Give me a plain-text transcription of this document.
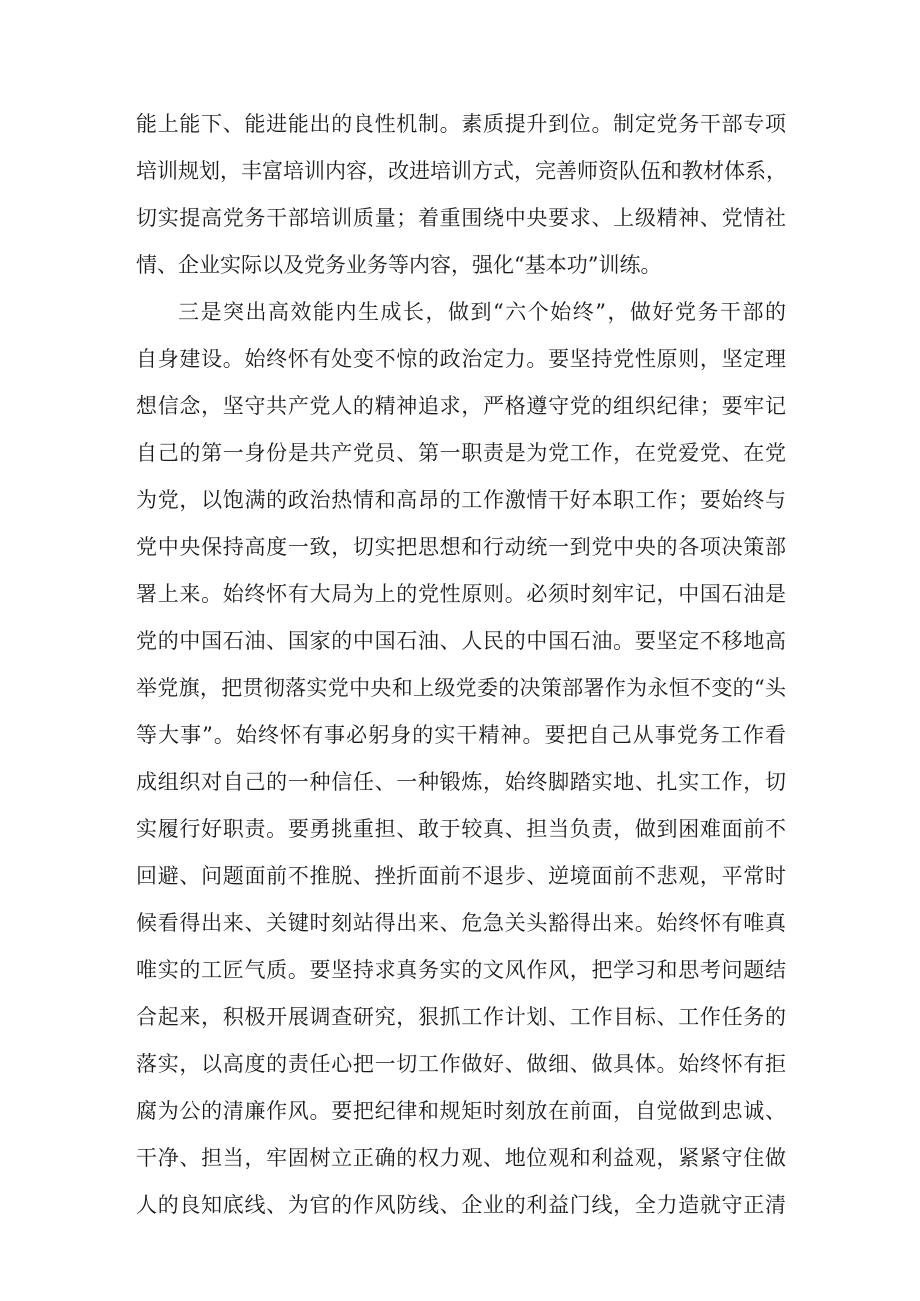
能上能下、能进能出的良性机制。素质提升到位。制定党务干部专项
培训规划，丰富培训内容，改进培训方式，完善师资队伍和教材体系，
切实提高党务干部培训质量；着重围绕中央要求、上级精神、党情社
情、企业实际以及党务业务等内容，强化“基本功”训练。
三是突出高效能内生成长，做到“六个始终”，做好党务干部的
自身建设。始终怀有处变不惊的政治定力。要坚持党性原则，坚定理
想信念，坚守共产党人的精神追求，严格遵守党的组织纪律；要牢记
自己的第一身份是共产党员、第一职责是为党工作，在党爱党、在党
为党，以饱满的政治热情和高昂的工作激情干好本职工作；要始终与
党中央保持高度一致，切实把思想和行动统一到党中央的各项决策部
署上来。始终怀有大局为上的党性原则。必须时刻牢记，中国石油是
党的中国石油、国家的中国石油、人民的中国石油。要坚定不移地高
举党旗，把贯彻落实党中央和上级党委的决策部署作为永恒不变的“头
等大事”。始终怀有事必躬身的实干精神。要把自己从事党务工作看
成组织对自己的一种信任、一种锻炼，始终脚踏实地、扎实工作，切
实履行好职责。要勇挑重担、敢于较真、担当负责，做到困难面前不
回避、问题面前不推脱、挫折面前不退步、逆境面前不悲观，平常时
候看得出来、关键时刻站得出来、危急关头豁得出来。始终怀有唯真
唯实的工匠气质。要坚持求真务实的文风作风，把学习和思考问题结
合起来，积极开展调查研究，狠抓工作计划、工作目标、工作任务的
落实，以高度的责任心把一切工作做好、做细、做具体。始终怀有拒
腐为公的清廉作风。要把纪律和规矩时刻放在前面，自觉做到忠诚、
干净、担当，牢固树立正确的权力观、地位观和利益观，紧紧守住做
人的良知底线、为官的作风防线、企业的利益门线，全力造就守正清
